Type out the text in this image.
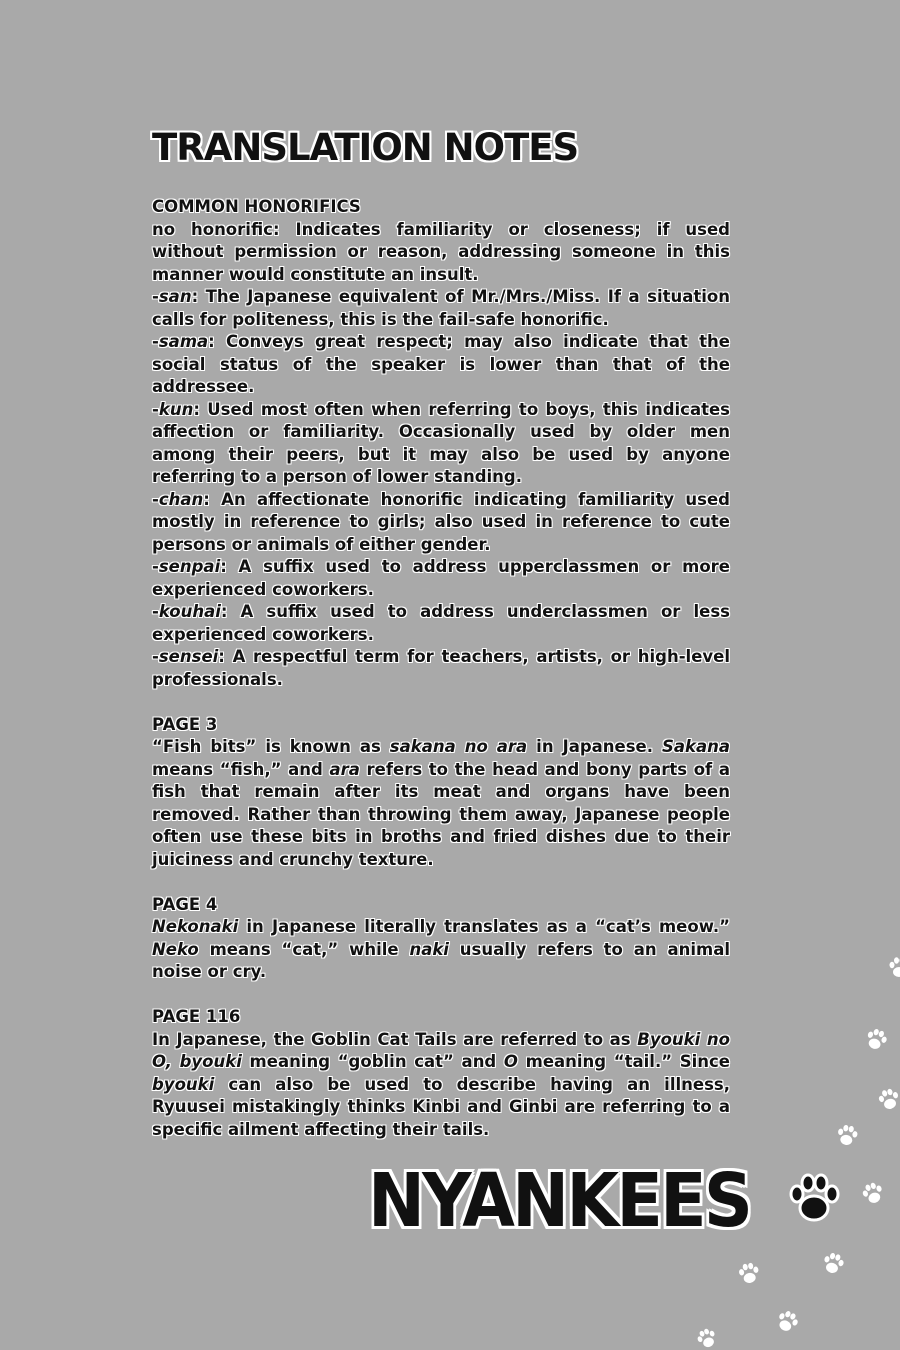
TRANSLATION NOTES
COMMON HONORIFICS

no honorific: Indicates familiarity or closeness; if used without permission or reason, addressing someone in this manner would constitute an insult.

-san: The Japanese equivalent of Mr./Mrs./Miss. If a situation calls for politeness, this is the fail-safe honorific.

-sama: Conveys great respect; may also indicate that the social status of the speaker is lower than that of the addressee.

-kun: Used most often when referring to boys, this indicates affection or familiarity. Occasionally used by older men among their peers, but it may also be used by anyone referring to a person of lower standing.

-chan: An affectionate honorific indicating familiarity used mostly in reference to girls; also used in reference to cute persons or animals of either gender.

-senpai: A suffix used to address upperclassmen or more experienced coworkers.

-kouhai: A suffix used to address underclassmen or less experienced coworkers.

-sensei: A respectful term for teachers, artists, or high-level professionals.

PAGE 3

“Fish bits” is known as sakana no ara in Japanese. Sakana means “fish,” and ara refers to the head and bony parts of a fish that remain after its meat and organs have been removed. Rather than throwing them away, Japanese people often use these bits in broths and fried dishes due to their juiciness and crunchy texture.

PAGE 4

Nekonaki in Japanese literally translates as a “cat’s meow.” Neko means “cat,” while naki usually refers to an animal noise or cry.

PAGE 116

In Japanese, the Goblin Cat Tails are referred to as Byouki no O, byouki meaning “goblin cat” and O meaning “tail.” Since byouki can also be used to describe having an illness, Ryuusei mistakingly thinks Kinbi and Ginbi are referring to a specific ailment affecting their tails.

NYANKEES
